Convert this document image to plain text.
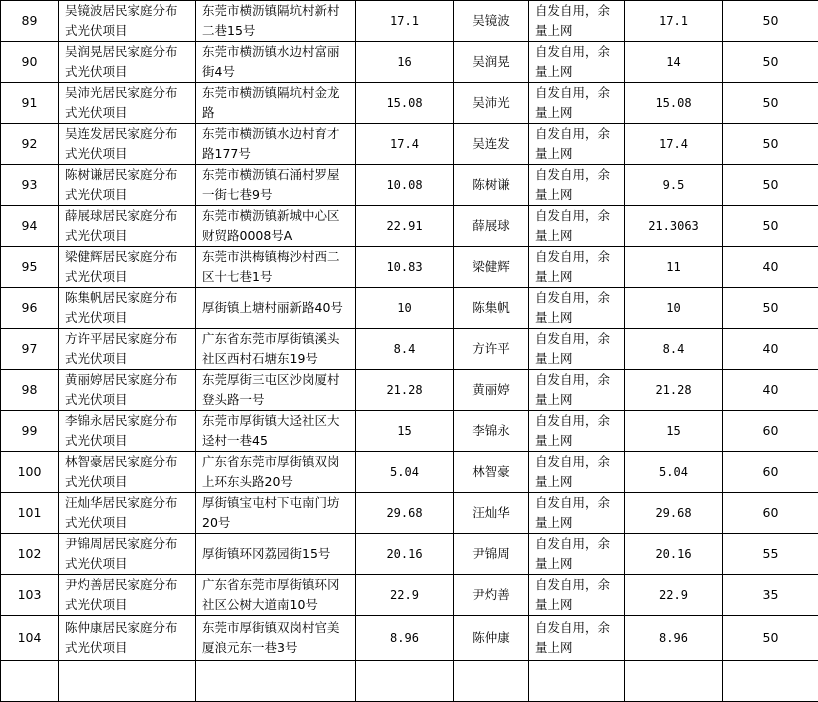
89	吴镜波居民家庭分布式光伏项目	东莞市横沥镇隔坑村新村二巷15号	17.1	吴镜波	自发自用，余量上网	17.1	50
90	吴润晃居民家庭分布式光伏项目	东莞市横沥镇水边村富丽街4号	16	吴润晃	自发自用，余量上网	14	50
91	吴沛光居民家庭分布式光伏项目	东莞市横沥镇隔坑村金龙路	15.08	吴沛光	自发自用，余量上网	15.08	50
92	吴连发居民家庭分布式光伏项目	东莞市横沥镇水边村育才路177号	17.4	吴连发	自发自用，余量上网	17.4	50
93	陈树谦居民家庭分布式光伏项目	东莞市横沥镇石涌村罗屋一街七巷9号	10.08	陈树谦	自发自用，余量上网	9.5	50
94	薛展球居民家庭分布式光伏项目	东莞市横沥镇新城中心区财贸路0008号A	22.91	薛展球	自发自用，余量上网	21.3063	50
95	梁健辉居民家庭分布式光伏项目	东莞市洪梅镇梅沙村西二区十七巷1号	10.83	梁健辉	自发自用，余量上网	11	40
96	陈集帆居民家庭分布式光伏项目	厚街镇上塘村丽新路40号	10	陈集帆	自发自用，余量上网	10	50
97	方许平居民家庭分布式光伏项目	广东省东莞市厚街镇溪头社区西村石塘东19号	8.4	方许平	自发自用，余量上网	8.4	40
98	黄丽婷居民家庭分布式光伏项目	东莞厚街三屯区沙岗厦村登头路一号	21.28	黄丽婷	自发自用，余量上网	21.28	40
99	李锦永居民家庭分布式光伏项目	东莞市厚街镇大迳社区大迳村一巷45	15	李锦永	自发自用，余量上网	15	60
100	林智豪居民家庭分布式光伏项目	广东省东莞市厚街镇双岗上环东头路20号	5.04	林智豪	自发自用，余量上网	5.04	60
101	汪灿华居民家庭分布式光伏项目	厚街镇宝屯村下屯南门坊20号	29.68	汪灿华	自发自用，余量上网	29.68	60
102	尹锦周居民家庭分布式光伏项目	厚街镇环冈荔园街15号	20.16	尹锦周	自发自用，余量上网	20.16	55
103	尹灼善居民家庭分布式光伏项目	广东省东莞市厚街镇环冈社区公树大道南10号	22.9	尹灼善	自发自用，余量上网	22.9	35
104	陈仲康居民家庭分布式光伏项目	东莞市厚街镇双岗村官美厦浪元东一巷3号	8.96	陈仲康	自发自用，余量上网	8.96	50
